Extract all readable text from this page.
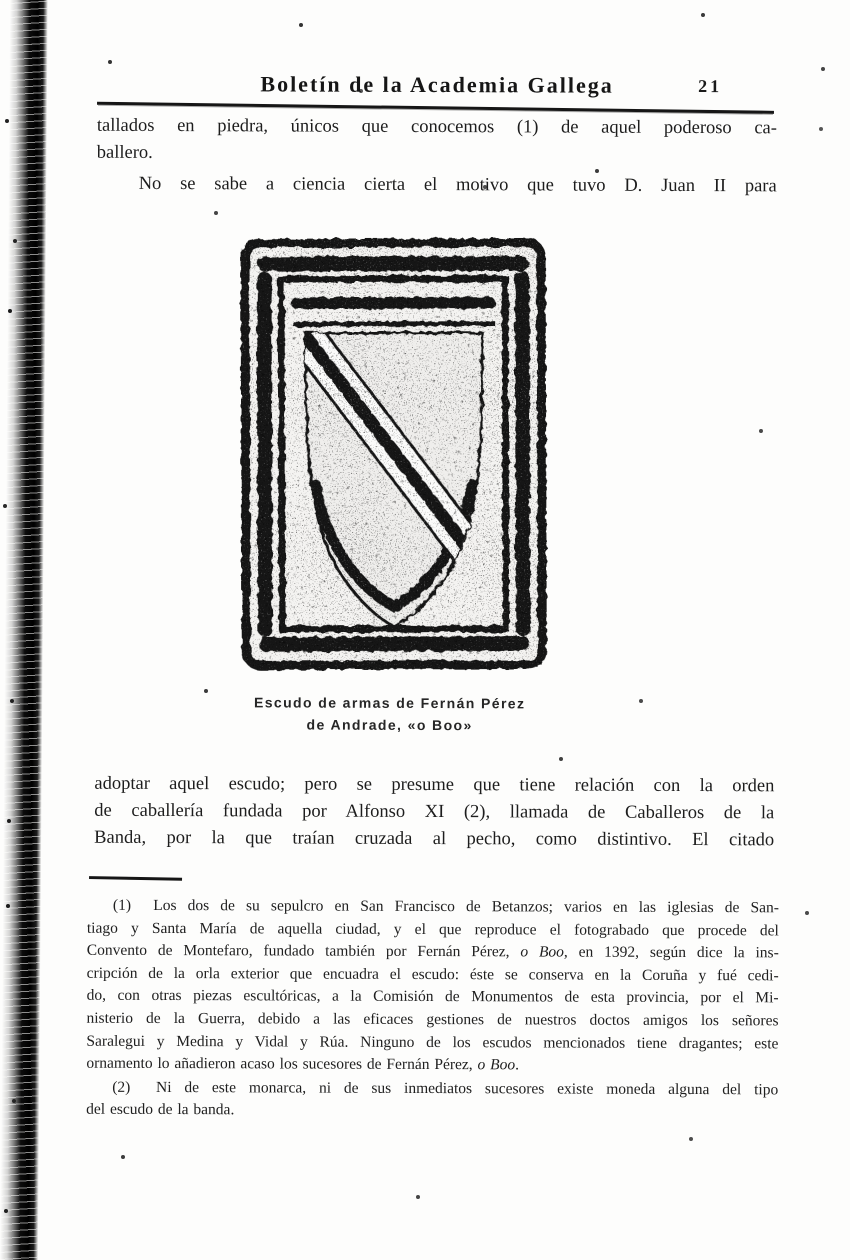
Boletín de la Academia Gallega	21
tallados en piedra, únicos que conocemos (1) de aquel poderoso ca-
ballero.
No se sabe a ciencia cierta el motivo que tuvo D. Juan II para
Escudo de armas de Fernán Pérez
de Andrade, «o Boo»
adoptar aquel escudo; pero se presume que tiene relación con la orden
de caballería fundada por Alfonso XI (2), llamada de Caballeros de la
Banda, por la que traían cruzada al pecho, como distintivo. El citado
(1)  Los dos de su sepulcro en San Francisco de Betanzos; varios en las iglesias de San-
tiago y Santa María de aquella ciudad, y el que reproduce el fotograbado que procede del
Convento de Montefaro, fundado también por Fernán Pérez, o Boo, en 1392, según dice la ins-
cripción de la orla exterior que encuadra el escudo: éste se conserva en la Coruña y fué cedi-
do, con otras piezas escultóricas, a la Comisión de Monumentos de esta provincia, por el Mi-
nisterio de la Guerra, debido a las eficaces gestiones de nuestros doctos amigos los señores
Saralegui y Medina y Vidal y Rúa. Ninguno de los escudos mencionados tiene dragantes; este
ornamento lo añadieron acaso los sucesores de Fernán Pérez, o Boo.
(2)  Ni de este monarca, ni de sus inmediatos sucesores existe moneda alguna del tipo
del escudo de la banda.
